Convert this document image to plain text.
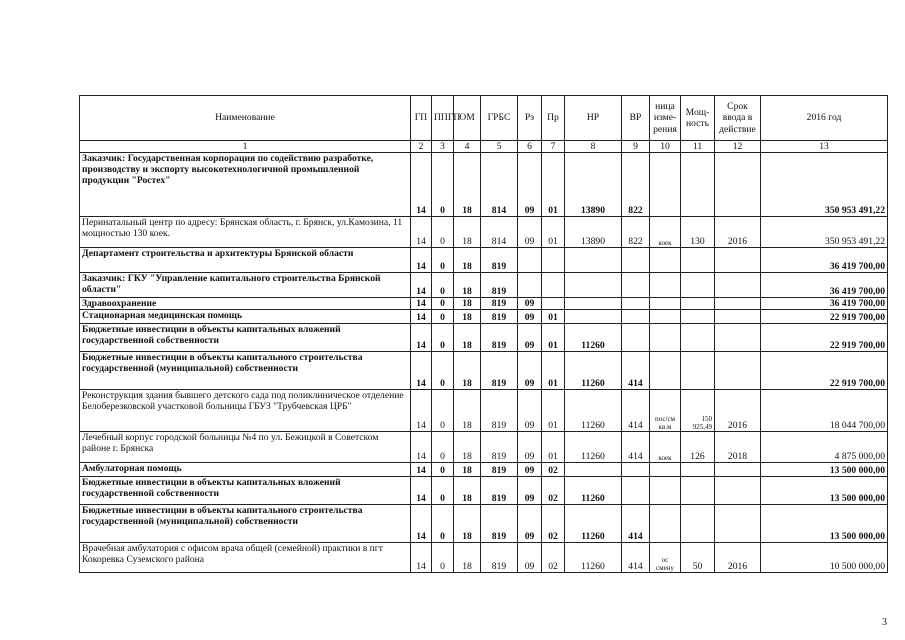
Наименование	ГП	ППГП	ОМ	ГРБС	Рз	Пр	НР	ВР	ница изме- рения	Мощ- ность	Срок ввода в действие	2016 год
1	2	3	4	5	6	7	8	9	10	11	12	13
Заказчик: Государственная корпорация по содействию разработке, производству и экспорту высокотехнологичной промышленной продукции "Ростех"	14	0	18	814	09	01	13890	822				350 953 491,22
Перинатальный центр по адресу: Брянская область, г. Брянск, ул.Камозина, 11 мощностью 130 коек.	14	0	18	814	09	01	13890	822	коек	130	2016	350 953 491,22
Департамент строительства и архитектуры Брянской области	14	0	18	819								36 419 700,00
Заказчик: ГКУ "Управление капитального строительства Брянской области"	14	0	18	819								36 419 700,00
Здравоохранение	14	0	18	819	09							36 419 700,00
Стационарная медицинская помощь	14	0	18	819	09	01						22 919 700,00
Бюджетные инвестиции в объекты капитальных вложений государственной собственности	14	0	18	819	09	01	11260					22 919 700,00
Бюджетные инвестиции в объекты капитального строительства государственной (муниципальной) собственности	14	0	18	819	09	01	11260	414				22 919 700,00
Реконструкция здания бывшего детского сада под поликлиническое отделение Белоберезковской участковой больницы ГБУЗ "Трубчевская ЦРБ"	14	0	18	819	09	01	11260	414	пос/см кв.м	150 925,49	2016	18 044 700,00
Лечебный корпус городской больницы №4 по ул. Бежицкой в Советском районе г. Брянска	14	0	18	819	09	01	11260	414	коек	126	2018	4 875 000,00
Амбулаторная помощь	14	0	18	819	09	02						13 500 000,00
Бюджетные инвестиции в объекты капитальных вложений государственной собственности	14	0	18	819	09	02	11260					13 500 000,00
Бюджетные инвестиции в объекты капитального строительства государственной (муниципальной) собственности	14	0	18	819	09	02	11260	414				13 500 000,00
Врачебная амбулатория с офисом врача общей (семейной) практики в пгт Кокоревка Суземского района	14	0	18	819	09	02	11260	414	ос смену	50	2016	10 500 000,00
3
